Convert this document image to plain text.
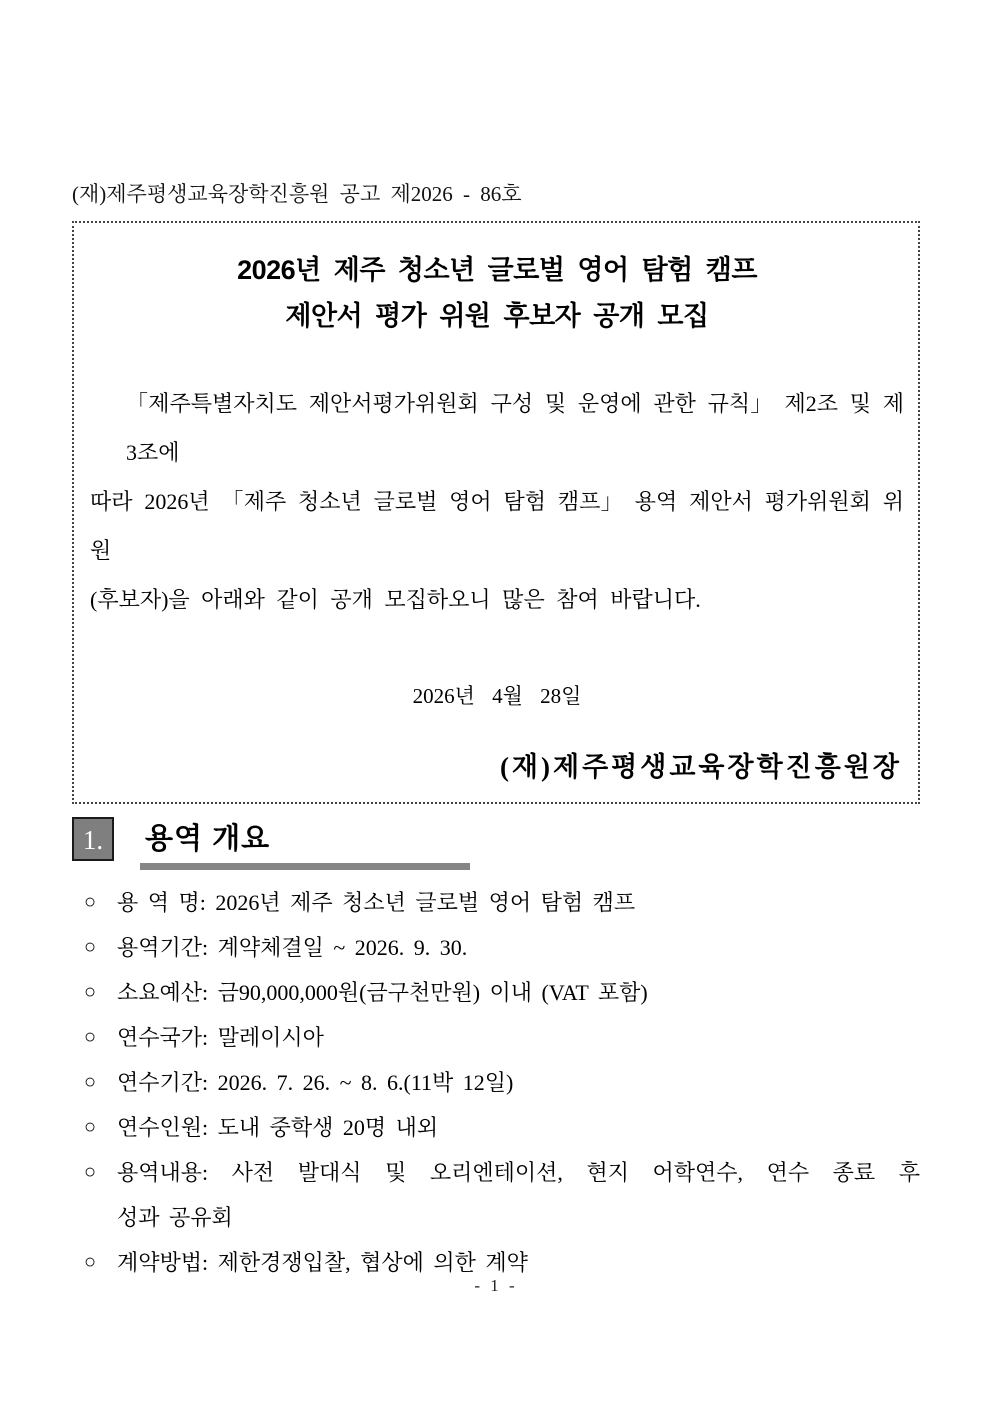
(재)제주평생교육장학진흥원 공고 제2026 - 86호
2026년 제주 청소년 글로벌 영어 탐험 캠프
제안서 평가 위원 후보자 공개 모집
「제주특별자치도 제안서평가위원회 구성 및 운영에 관한 규칙」 제2조 및 제3조에
따라 2026년 「제주 청소년 글로벌 영어 탐험 캠프」 용역 제안서 평가위원회 위원
(후보자)을 아래와 같이 공개 모집하오니 많은 참여 바랍니다.
2026년 4월 28일
(재)제주평생교육장학진흥원장
1.	용역 개요
○ 용 역 명: 2026년 제주 청소년 글로벌 영어 탐험 캠프
○ 용역기간: 계약체결일 ~ 2026. 9. 30.
○ 소요예산: 금90,000,000원(금구천만원) 이내 (VAT 포함)
○ 연수국가: 말레이시아
○ 연수기간: 2026. 7. 26. ~ 8. 6.(11박 12일)
○ 연수인원: 도내 중학생 20명 내외
○ 용역내용: 사전 발대식 및 오리엔테이션, 현지 어학연수, 연수 종료 후
성과 공유회
○ 계약방법: 제한경쟁입찰, 협상에 의한 계약
- 1 -
